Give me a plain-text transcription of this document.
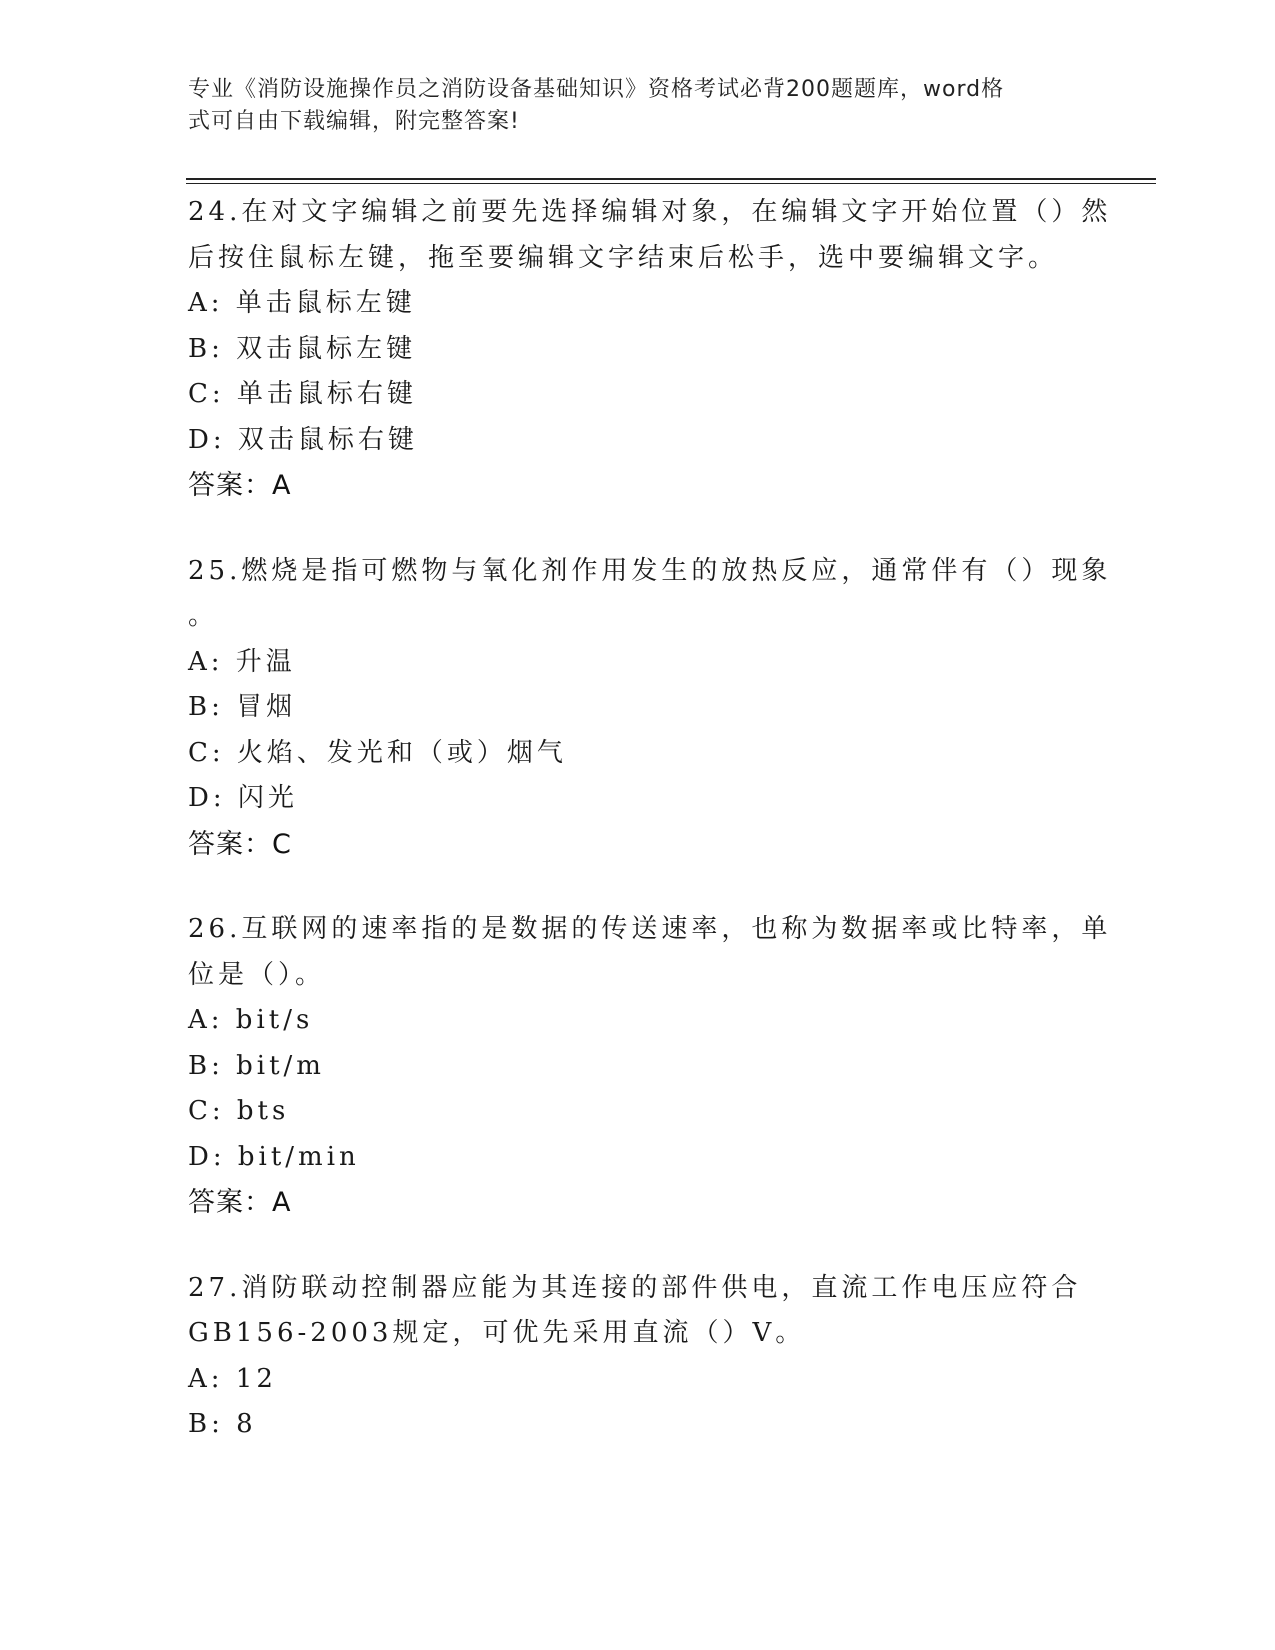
专业《消防设施操作员之消防设备基础知识》资格考试必背200题题库，word格
式可自由下载编辑，附完整答案!
24.在对文字编辑之前要先选择编辑对象，在编辑文字开始位置（）然
后按住鼠标左键，拖至要编辑文字结束后松手，选中要编辑文字。
A: 单击鼠标左键
B: 双击鼠标左键
C: 单击鼠标右键
D: 双击鼠标右键
答案：A
25.燃烧是指可燃物与氧化剂作用发生的放热反应，通常伴有（）现象
。
A: 升温
B: 冒烟
C: 火焰、发光和（或）烟气
D: 闪光
答案：C
26.互联网的速率指的是数据的传送速率，也称为数据率或比特率，单
位是（）。
A: bit/s
B: bit/m
C: bts
D: bit/min
答案：A
27.消防联动控制器应能为其连接的部件供电，直流工作电压应符合
GB156-2003规定，可优先采用直流（）V。
A: 12
B: 8
